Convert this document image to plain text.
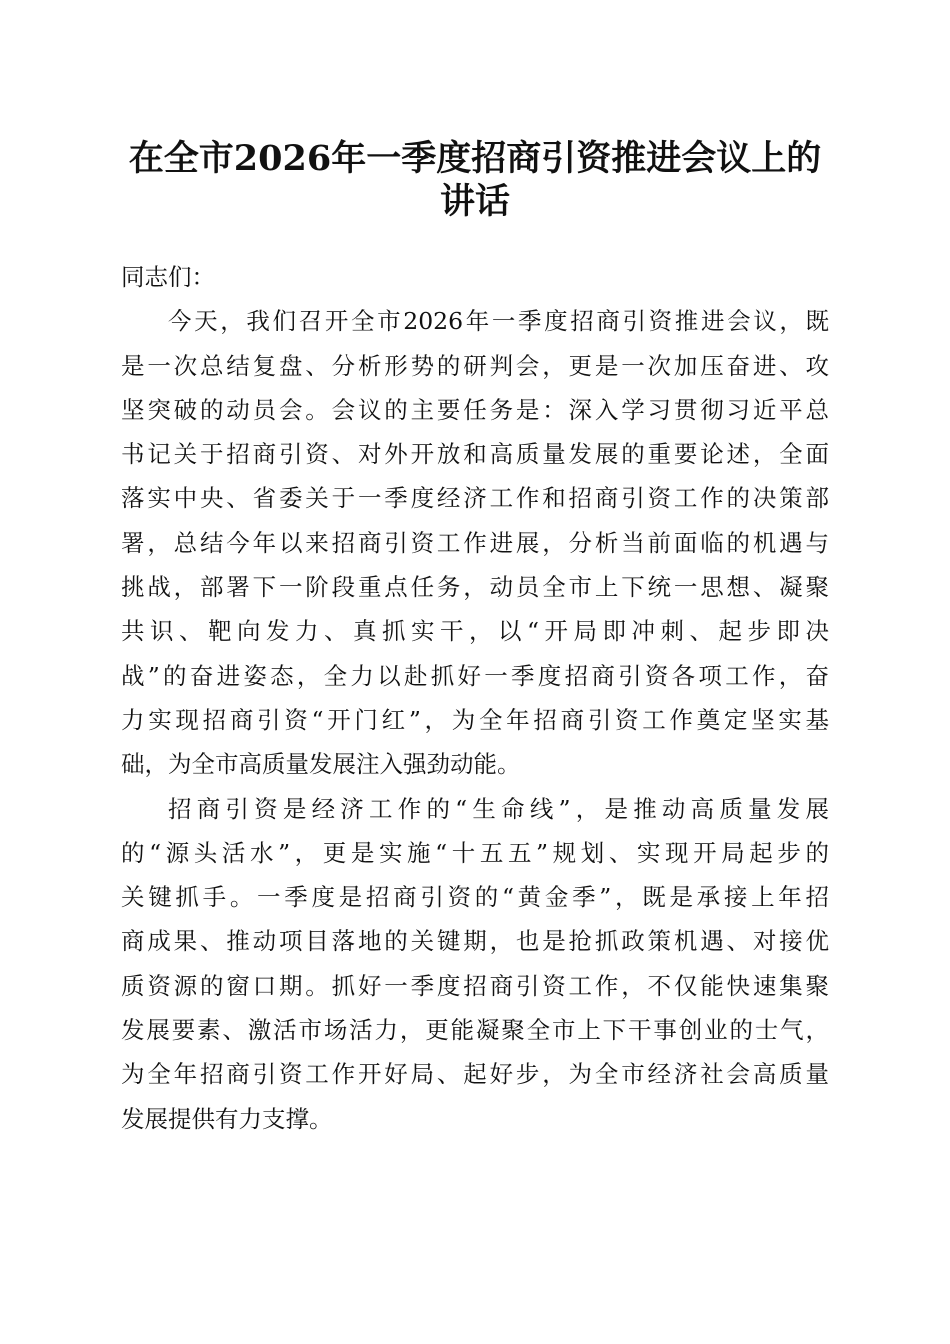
在全市2026年一季度招商引资推进会议上的
讲话
同志们：
今天，我们召开全市2026年一季度招商引资推进会议，既
是一次总结复盘、分析形势的研判会，更是一次加压奋进、攻
坚突破的动员会。会议的主要任务是：深入学习贯彻习近平总
书记关于招商引资、对外开放和高质量发展的重要论述，全面
落实中央、省委关于一季度经济工作和招商引资工作的决策部
署，总结今年以来招商引资工作进展，分析当前面临的机遇与
挑战，部署下一阶段重点任务，动员全市上下统一思想、凝聚
共识、靶向发力、真抓实干，以“开局即冲刺、起步即决
战”的奋进姿态，全力以赴抓好一季度招商引资各项工作，奋
力实现招商引资“开门红”，为全年招商引资工作奠定坚实基
础，为全市高质量发展注入强劲动能。
招商引资是经济工作的“生命线”，是推动高质量发展
的“源头活水”，更是实施“十五五”规划、实现开局起步的
关键抓手。一季度是招商引资的“黄金季”，既是承接上年招
商成果、推动项目落地的关键期，也是抢抓政策机遇、对接优
质资源的窗口期。抓好一季度招商引资工作，不仅能快速集聚
发展要素、激活市场活力，更能凝聚全市上下干事创业的士气，
为全年招商引资工作开好局、起好步，为全市经济社会高质量
发展提供有力支撑。
